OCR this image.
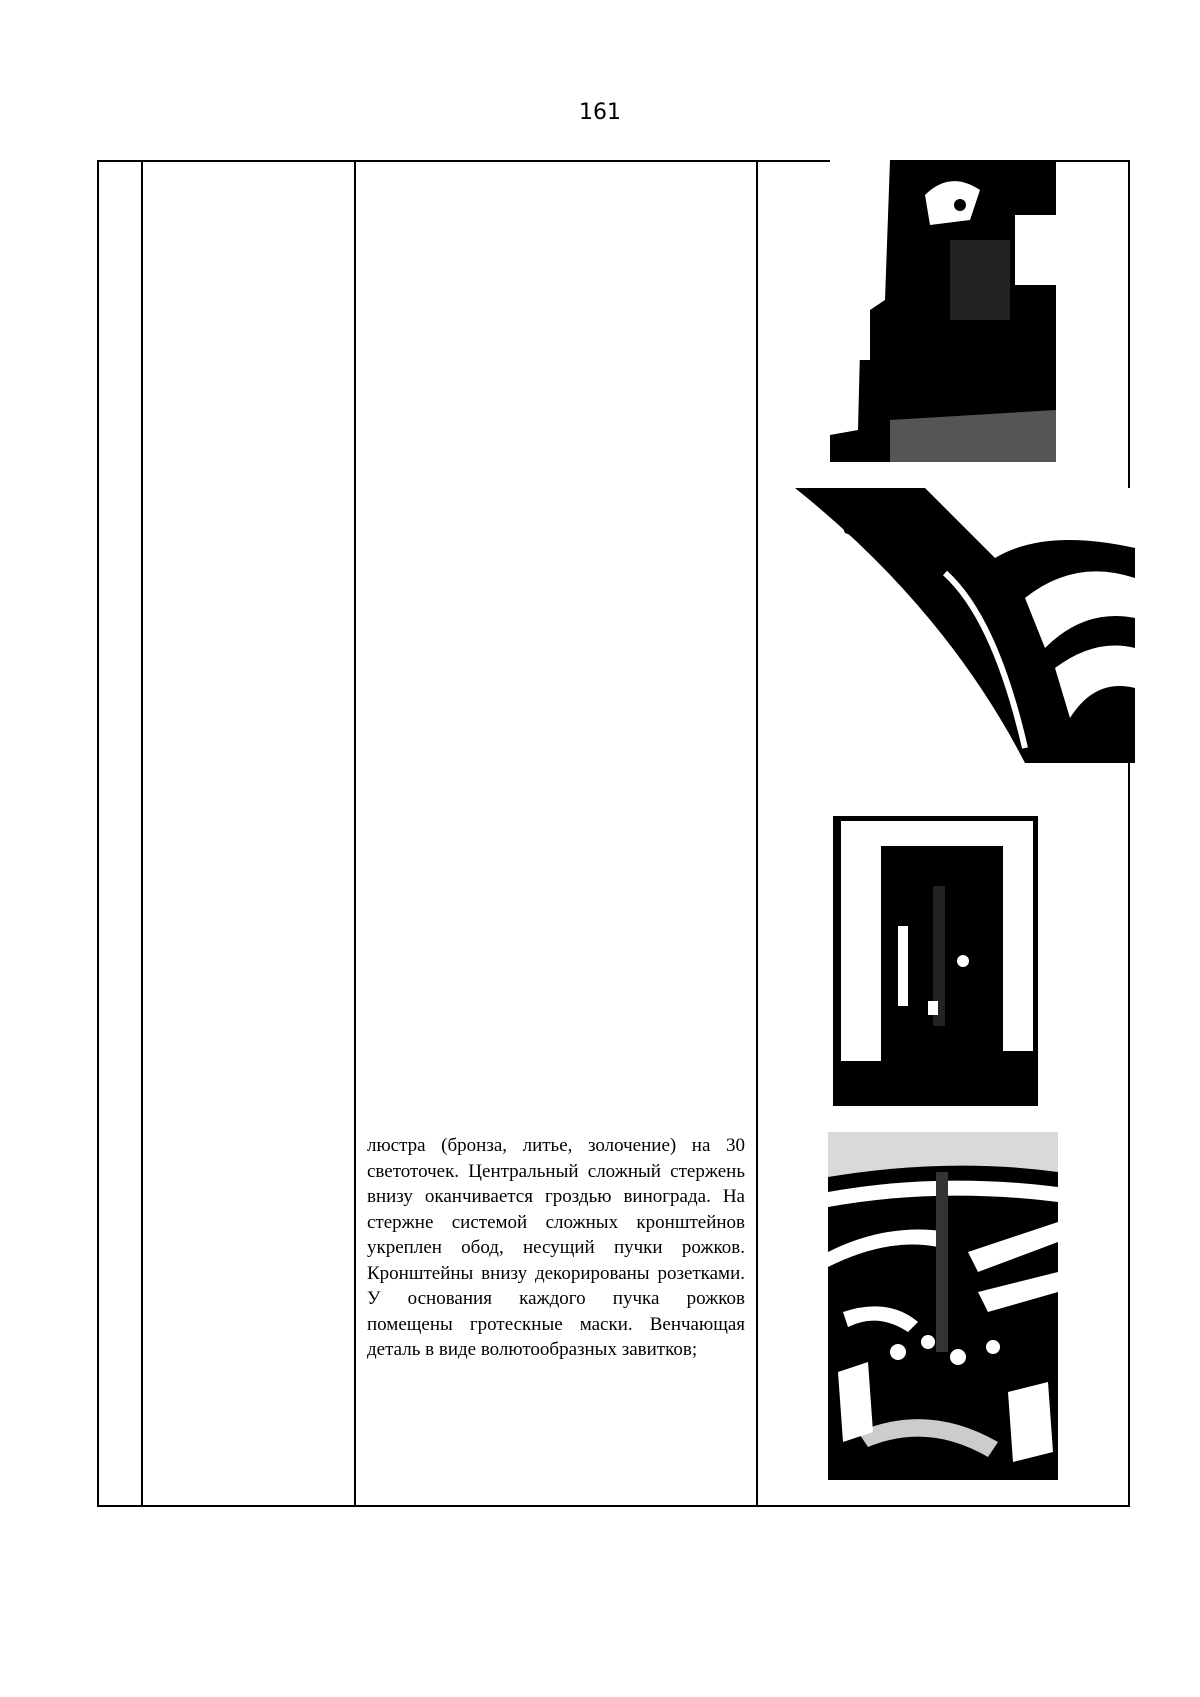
161

люстра (бронза, литье, золочение) на 30 светоточек. Центральный сложный стержень внизу оканчивается гроздью винограда. На стержне системой сложных кронштейнов укреплен обод, несущий пучки рожков. Кронштейны внизу декорированы розетками. У основания каждого пучка рожков помещены гротескные маски. Венчающая деталь в виде волютообразных завитков;
